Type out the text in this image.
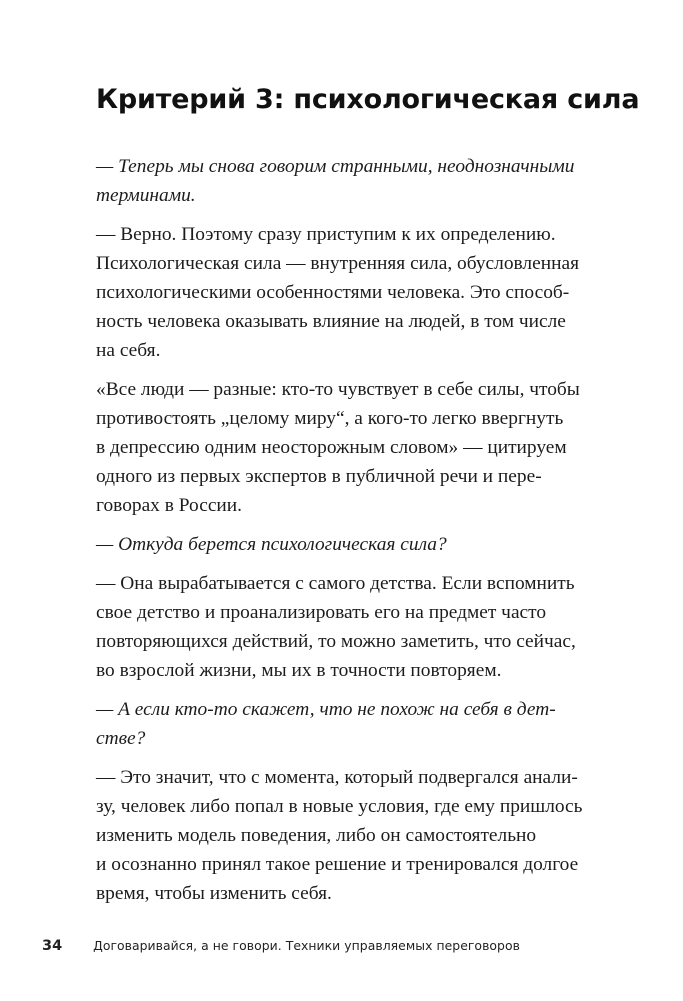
Критерий 3: психологическая сила

— Теперь мы снова говорим странными, неоднозначными
терминами.

— Верно. Поэтому сразу приступим к их определению.
Психологическая сила — внутренняя сила, обусловленная
психологическими особенностями человека. Это способ-
ность человека оказывать влияние на людей, в том числе
на себя.

«Все люди — разные: кто-то чувствует в себе силы, чтобы
противостоять „целому миру“, а кого-то легко ввергнуть
в депрессию одним неосторожным словом» — цитируем
одного из первых экспертов в публичной речи и пере-
говорах в России.

— Откуда берется психологическая сила?

— Она вырабатывается с самого детства. Если вспомнить
свое детство и проанализировать его на предмет часто
повторяющихся действий, то можно заметить, что сейчас,
во взрослой жизни, мы их в точности повторяем.

— А если кто-то скажет, что не похож на себя в дет-
стве?

— Это значит, что с момента, который подвергался анали-
зу, человек либо попал в новые условия, где ему пришлось
изменить модель поведения, либо он самостоятельно
и осознанно принял такое решение и тренировался долгое
время, чтобы изменить себя.

34 Договаривайся, а не говори. Техники управляемых переговоров
